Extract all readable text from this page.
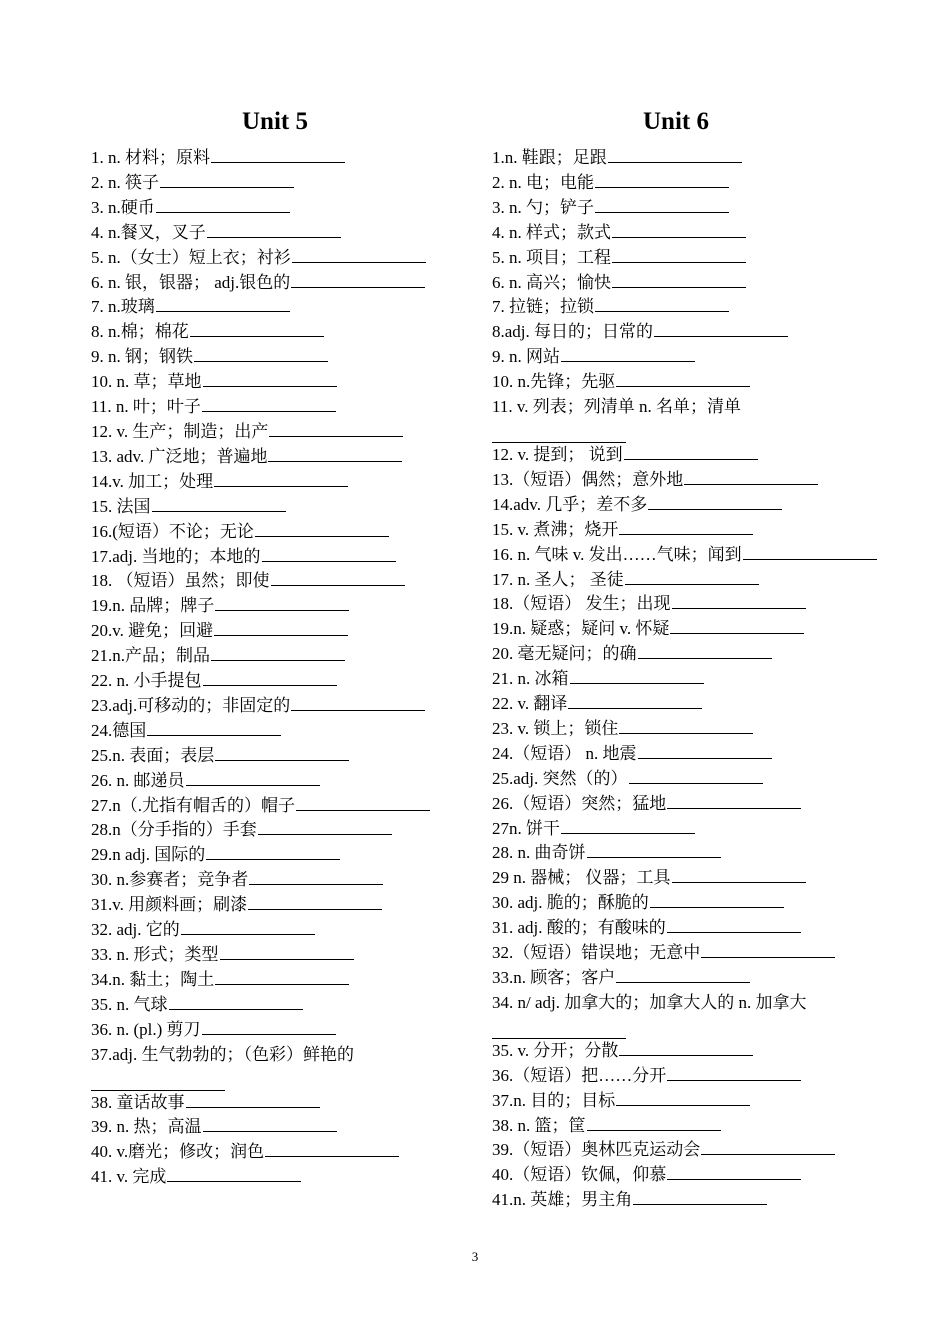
Unit 5
1. n. 材料；原料
2. n. 筷子
3. n.硬币
4. n.餐叉，叉子
5. n.（女士）短上衣；衬衫
6. n. 银，银器； adj.银色的
7. n.玻璃
8. n.棉；棉花
9. n. 钢；钢铁
10. n. 草；草地
11. n. 叶；叶子
12. v. 生产；制造；出产
13. adv. 广泛地；普遍地
14.v. 加工；处理
15. 法国
16.(短语）不论；无论
17.adj. 当地的；本地的
18. （短语）虽然；即使
19.n. 品牌；牌子
20.v. 避免；回避
21.n.产品；制品
22. n. 小手提包
23.adj.可移动的；非固定的
24.德国
25.n. 表面；表层
26. n. 邮递员
27.n（.尤指有帽舌的）帽子
28.n（分手指的）手套
29.n adj. 国际的
30. n.参赛者；竞争者
31.v. 用颜料画；刷漆
32. adj. 它的
33. n. 形式；类型
34.n. 黏土；陶土
35. n. 气球
36. n. (pl.) 剪刀
37.adj. 生气勃勃的；（色彩）鲜艳的
38. 童话故事
39. n. 热；高温
40. v.磨光；修改；润色
41. v. 完成
Unit 6
1.n. 鞋跟；足跟
2. n. 电；电能
3. n. 勺；铲子
4. n. 样式；款式
5. n. 项目；工程
6. n. 高兴；愉快
7. 拉链；拉锁
8.adj. 每日的；日常的
9. n. 网站
10. n.先锋；先驱
11. v. 列表；列清单 n. 名单；清单
12. v. 提到； 说到
13.（短语）偶然；意外地
14.adv. 几乎；差不多
15. v. 煮沸；烧开
16. n. 气味 v. 发出……气味；闻到
17. n. 圣人； 圣徒
18.（短语） 发生；出现
19.n. 疑惑；疑问 v. 怀疑
20. 毫无疑问；的确
21. n. 冰箱
22. v. 翻译
23. v. 锁上；锁住
24.（短语） n. 地震
25.adj. 突然（的）
26.（短语）突然；猛地
27n. 饼干
28. n. 曲奇饼
29 n. 器械； 仪器；工具
30. adj. 脆的；酥脆的
31. adj. 酸的；有酸味的
32.（短语）错误地；无意中
33.n. 顾客；客户
34. n/ adj. 加拿大的；加拿大人的 n. 加拿大
35. v. 分开；分散
36.（短语）把……分开
37.n. 目的；目标
38. n. 篮；筐
39.（短语）奥林匹克运动会
40.（短语）钦佩，仰慕
41.n. 英雄；男主角
3
